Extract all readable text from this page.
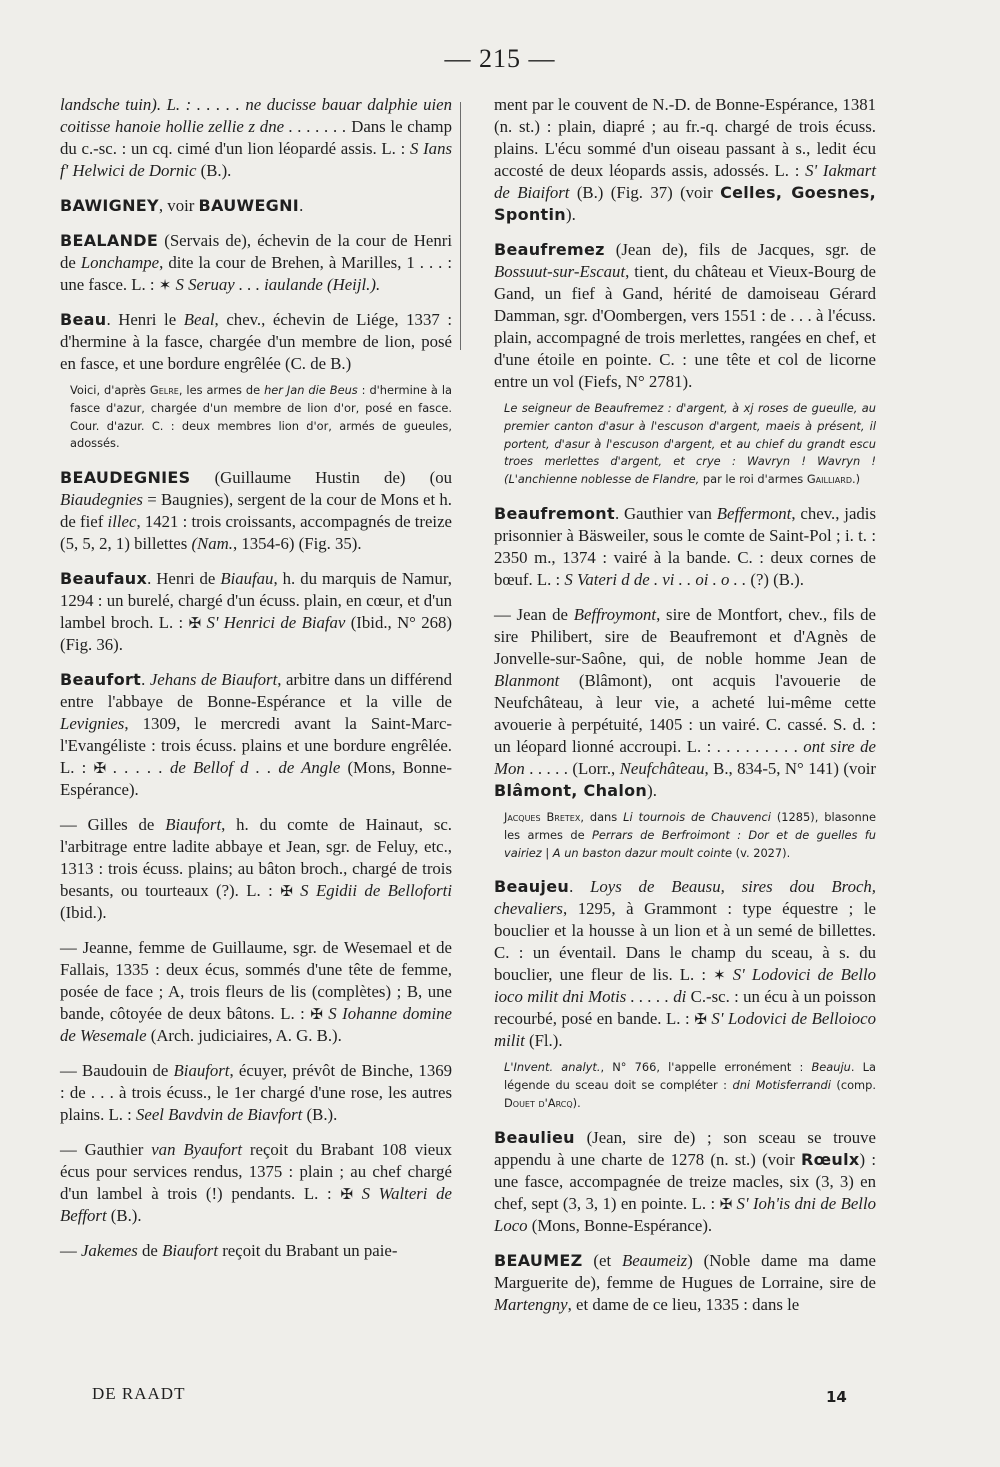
— 215 —

landsche tuin). L. : . . . . . ne ducisse bauar dalphie uien coitisse hanoie hollie zellie z dne . . . . . . . Dans le champ du c.-sc. : un cq. cimé d'un lion léopardé assis. L. : S Ians f' Helwici de Dornic (B.).

BAWIGNEY, voir BAUWEGNI.

BEALANDE (Servais de), échevin de la cour de Henri de Lonchampe, dite la cour de Brehen, à Marilles, 1 . . . : une fasce. L. : ✶ S Seruay . . . iaulande (Heijl.).

Beau. Henri le Beal, chev., échevin de Liége, 1337 : d'hermine à la fasce, chargée d'un membre de lion, posé en fasce, et une bordure engrêlée (C. de B.)

Voici, d'après Gelre, les armes de her Jan die Beus : d'hermine à la fasce d'azur, chargée d'un membre de lion d'or, posé en fasce. Cour. d'azur. C. : deux membres lion d'or, armés de gueules, adossés.

BEAUDEGNIES (Guillaume Hustin de) (ou Biaudegnies = Baugnies), sergent de la cour de Mons et h. de fief illec, 1421 : trois croissants, accompagnés de treize (5, 5, 2, 1) billettes (Nam., 1354-6) (Fig. 35).

Beaufaux. Henri de Biaufau, h. du marquis de Namur, 1294 : un burelé, chargé d'un écuss. plain, en cœur, et d'un lambel broch. L. : ✠ S' Henrici de Biafav (Ibid., N° 268) (Fig. 36).

Beaufort. Jehans de Biaufort, arbitre dans un différend entre l'abbaye de Bonne-Espérance et la ville de Levignies, 1309, le mercredi avant la Saint-Marc-l'Evangéliste : trois écuss. plains et une bordure engrêlée. L. : ✠ . . . . . de Bellof d . . de Angle (Mons, Bonne-Espérance).

— Gilles de Biaufort, h. du comte de Hainaut, sc. l'arbitrage entre ladite abbaye et Jean, sgr. de Feluy, etc., 1313 : trois écuss. plains; au bâton broch., chargé de trois besants, ou tourteaux (?). L. : ✠ S Egidii de Belloforti (Ibid.).

— Jeanne, femme de Guillaume, sgr. de Wesemael et de Fallais, 1335 : deux écus, sommés d'une tête de femme, posée de face ; A, trois fleurs de lis (complètes) ; B, une bande, côtoyée de deux bâtons. L. : ✠ S Iohanne domine de Wesemale (Arch. judiciaires, A. G. B.).

— Baudouin de Biaufort, écuyer, prévôt de Binche, 1369 : de . . . à trois écuss., le 1er chargé d'une rose, les autres plains. L. : Seel Bavdvin de Biavfort (B.).

— Gauthier van Byaufort reçoit du Brabant 108 vieux écus pour services rendus, 1375 : plain ; au chef chargé d'un lambel à trois (!) pendants. L. : ✠ S Walteri de Beffort (B.).

— Jakemes de Biaufort reçoit du Brabant un paie-

ment par le couvent de N.-D. de Bonne-Espérance, 1381 (n. st.) : plain, diapré ; au fr.-q. chargé de trois écuss. plains. L'écu sommé d'un oiseau passant à s., ledit écu accosté de deux léopards assis, adossés. L. : S' Iakmart de Biaifort (B.) (Fig. 37) (voir Celles, Goesnes, Spontin).

Beaufremez (Jean de), fils de Jacques, sgr. de Bossuut-sur-Escaut, tient, du château et Vieux-Bourg de Gand, un fief à Gand, hérité de damoiseau Gérard Damman, sgr. d'Oombergen, vers 1551 : de . . . à l'écuss. plain, accompagné de trois merlettes, rangées en chef, et d'une étoile en pointe. C. : une tête et col de licorne entre un vol (Fiefs, N° 2781).

Le seigneur de Beaufremez : d'argent, à xj roses de gueulle, au premier canton d'asur à l'escuson d'argent, maeis à présent, il portent, d'asur à l'escuson d'argent, et au chief du grandt escu troes merlettes d'argent, et crye : Wavryn ! Wavryn ! (L'anchienne noblesse de Flandre, par le roi d'armes Gailliard.)

Beaufremont. Gauthier van Beffermont, chev., jadis prisonnier à Bäsweiler, sous le comte de Saint-Pol ; i. t. : 2350 m., 1374 : vairé à la bande. C. : deux cornes de bœuf. L. : S Vateri d de . vi . . oi . o . . (?) (B.).

— Jean de Beffroymont, sire de Montfort, chev., fils de sire Philibert, sire de Beaufremont et d'Agnès de Jonvelle-sur-Saône, qui, de noble homme Jean de Blanmont (Blâmont), ont acquis l'avouerie de Neufchâteau, à leur vie, a acheté lui-même cette avouerie à perpétuité, 1405 : un vairé. C. cassé. S. d. : un léopard lionné accroupi. L. : . . . . . . . . . ont sire de Mon . . . . . (Lorr., Neufchâteau, B., 834-5, N° 141) (voir Blâmont, Chalon).

Jacques Bretex, dans Li tournois de Chauvenci (1285), blasonne les armes de Perrars de Berfroimont : Dor et de guelles fu vairiez | A un baston dazur moult cointe (v. 2027).

Beaujeu. Loys de Beausu, sires dou Broch, chevaliers, 1295, à Grammont : type équestre ; le bouclier et la housse à un lion et à un semé de billettes. C. : un éventail. Dans le champ du sceau, à s. du bouclier, une fleur de lis. L. : ✶ S' Lodovici de Bello ioco milit dni Motis . . . . . di C.-sc. : un écu à un poisson recourbé, posé en bande. L. : ✠ S' Lodovici de Belloioco milit (Fl.).

L'Invent. analyt., N° 766, l'appelle erronément : Beauju. La légende du sceau doit se compléter : dni Motisferrandi (comp. Douet d'Arcq).

Beaulieu (Jean, sire de) ; son sceau se trouve appendu à une charte de 1278 (n. st.) (voir Rœulx) : une fasce, accompagnée de treize macles, six (3, 3) en chef, sept (3, 3, 1) en pointe. L. : ✠ S' Ioh'is dni de Bello Loco (Mons, Bonne-Espérance).

BEAUMEZ (et Beaumeiz) (Noble dame ma dame Marguerite de), femme de Hugues de Lorraine, sire de Martengny, et dame de ce lieu, 1335 : dans le

DE RAADT	14
